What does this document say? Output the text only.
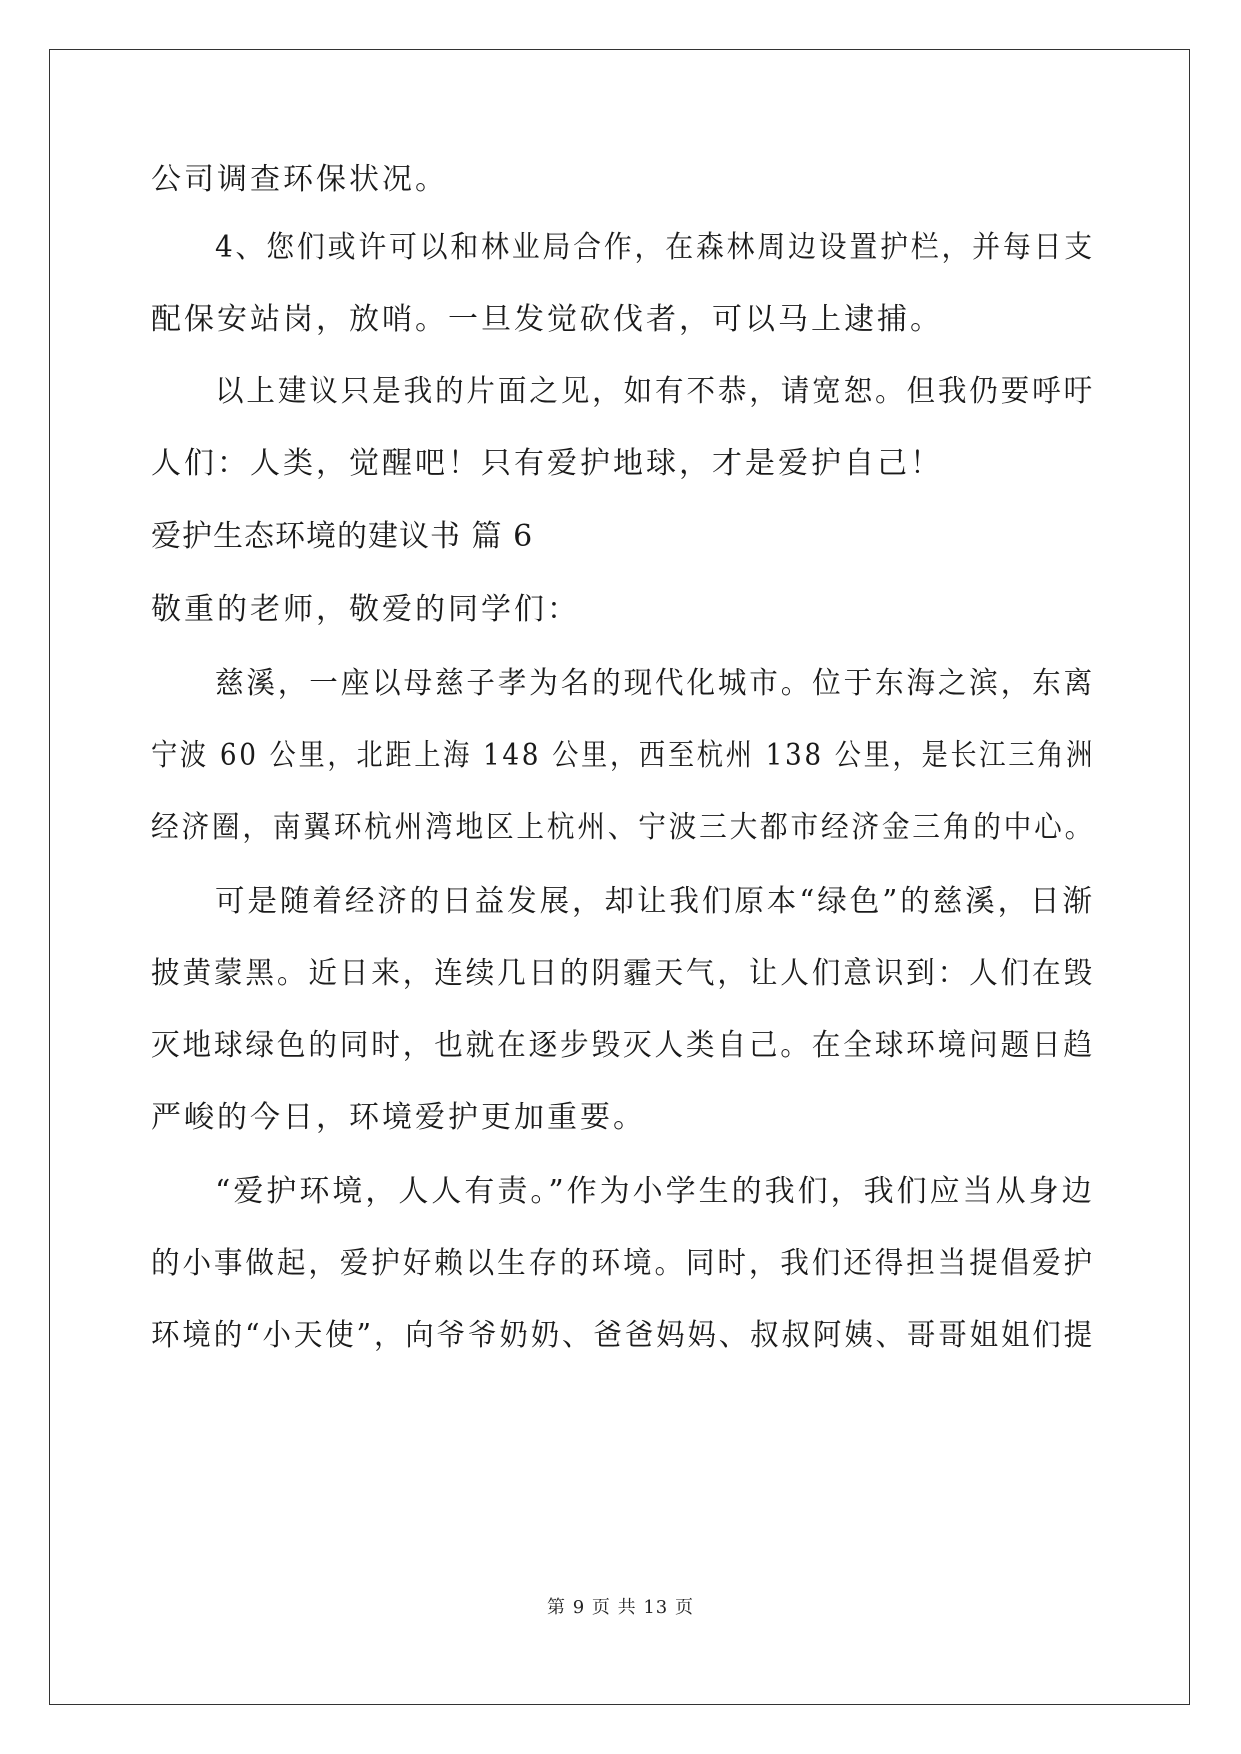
公司调查环保状况。
4、您们或许可以和林业局合作，在森林周边设置护栏，并每日支
配保安站岗，放哨。一旦发觉砍伐者，可以马上逮捕。
以上建议只是我的片面之见，如有不恭，请宽恕。但我仍要呼吁
人们：人类，觉醒吧！只有爱护地球，才是爱护自己！
爱护生态环境的建议书 篇 6
敬重的老师，敬爱的同学们：
慈溪，一座以母慈子孝为名的现代化城市。位于东海之滨，东离
宁波 60 公里，北距上海 148 公里，西至杭州 138 公里，是长江三角洲
经济圈，南翼环杭州湾地区上杭州、宁波三大都市经济金三角的中心。
可是随着经济的日益发展，却让我们原本“绿色”的慈溪，日渐
披黄蒙黑。近日来，连续几日的阴霾天气，让人们意识到：人们在毁
灭地球绿色的同时，也就在逐步毁灭人类自己。在全球环境问题日趋
严峻的今日，环境爱护更加重要。
“爱护环境，人人有责。”作为小学生的我们，我们应当从身边
的小事做起，爱护好赖以生存的环境。同时，我们还得担当提倡爱护
环境的“小天使”，向爷爷奶奶、爸爸妈妈、叔叔阿姨、哥哥姐姐们提
第 9 页 共 13 页
